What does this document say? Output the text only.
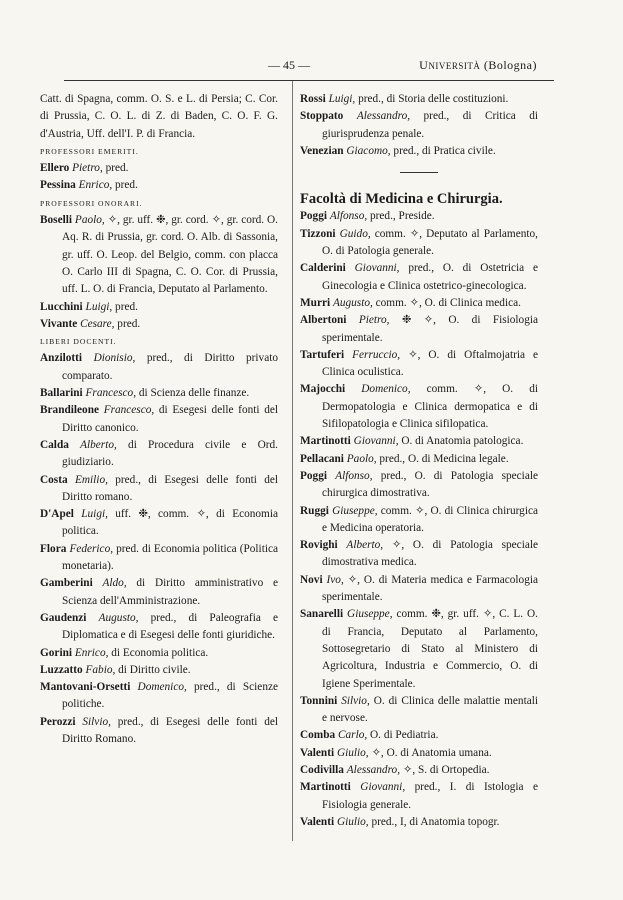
— 45 —	UNIVERSITÀ (Bologna)

Catt. di Spagna, comm. O. S. e L. di Persia; C. Cor. di Prussia, C. O. L. di Z. di Baden, C. O. F. G. d'Austria, Uff. dell'I. P. di Francia.

PROFESSORI EMERITI.

Ellero Pietro, pred.

Pessina Enrico, pred.

PROFESSORI ONORARI.

Boselli Paolo, ✧, gr. uff. ❉, gr. cord. ✧, gr. cord. O. Aq. R. di Prussia, gr. cord. O. Alb. di Sassonia, gr. uff. O. Leop. del Belgio, comm. con placca O. Carlo III di Spagna, C. O. Cor. di Prussia, uff. L. O. di Francia, Deputato al Parlamento.

Lucchini Luigi, pred.

Vivante Cesare, pred.

LIBERI DOCENTI.

Anzilotti Dionisio, pred., di Diritto privato comparato.

Ballarini Francesco, di Scienza delle finanze.

Brandileone Francesco, di Esegesi delle fonti del Diritto canonico.

Calda Alberto, di Procedura civile e Ord. giudiziario.

Costa Emilio, pred., di Esegesi delle fonti del Diritto romano.

D'Apel Luigi, uff. ❉, comm. ✧, di Economia politica.

Flora Federico, pred. di Economia politica (Politica monetaria).

Gamberini Aldo, di Diritto amministrativo e Scienza dell'Amministrazione.

Gaudenzi Augusto, pred., di Paleografia e Diplomatica e di Esegesi delle fonti giuridiche.

Gorini Enrico, di Economia politica.

Luzzatto Fabio, di Diritto civile.

Mantovani-Orsetti Domenico, pred., di Scienze politiche.

Perozzi Silvio, pred., di Esegesi delle fonti del Diritto Romano.

Rossi Luigi, pred., di Storia delle costituzioni.

Stoppato Alessandro, pred., di Critica di giurisprudenza penale.

Venezian Giacomo, pred., di Pratica civile.

Facoltà di Medicina e Chirurgia.

Poggi Alfonso, pred., Preside.

Tizzoni Guido, comm. ✧, Deputato al Parlamento, O. di Patologia generale.

Calderini Giovanni, pred., O. di Ostetricia e Ginecologia e Clinica ostetrico-ginecologica.

Murri Augusto, comm. ✧, O. di Clinica medica.

Albertoni Pietro, ❉ ✧, O. di Fisiologia sperimentale.

Tartuferi Ferruccio, ✧, O. di Oftalmojatria e Clinica oculistica.

Majocchi Domenico, comm. ✧, O. di Dermopatologia e Clinica dermopatica e di Sifilopatologia e Clinica sifilopatica.

Martinotti Giovanni, O. di Anatomia patologica.

Pellacani Paolo, pred., O. di Medicina legale.

Poggi Alfonso, pred., O. di Patologia speciale chirurgica dimostrativa.

Ruggi Giuseppe, comm. ✧, O. di Clinica chirurgica e Medicina operatoria.

Rovighi Alberto, ✧, O. di Patologia speciale dimostrativa medica.

Novi Ivo, ✧, O. di Materia medica e Farmacologia sperimentale.

Sanarelli Giuseppe, comm. ❉, gr. uff. ✧, C. L. O. di Francia, Deputato al Parlamento, Sottosegretario di Stato al Ministero di Agricoltura, Industria e Commercio, O. di Igiene Sperimentale.

Tonnini Silvio, O. di Clinica delle malattie mentali e nervose.

Comba Carlo, O. di Pediatria.

Valenti Giulio, ✧, O. di Anatomia umana.

Codivilla Alessandro, ✧, S. di Ortopedia.

Martinotti Giovanni, pred., I. di Istologia e Fisiologia generale.

Valenti Giulio, pred., I, di Anatomia topogr.
